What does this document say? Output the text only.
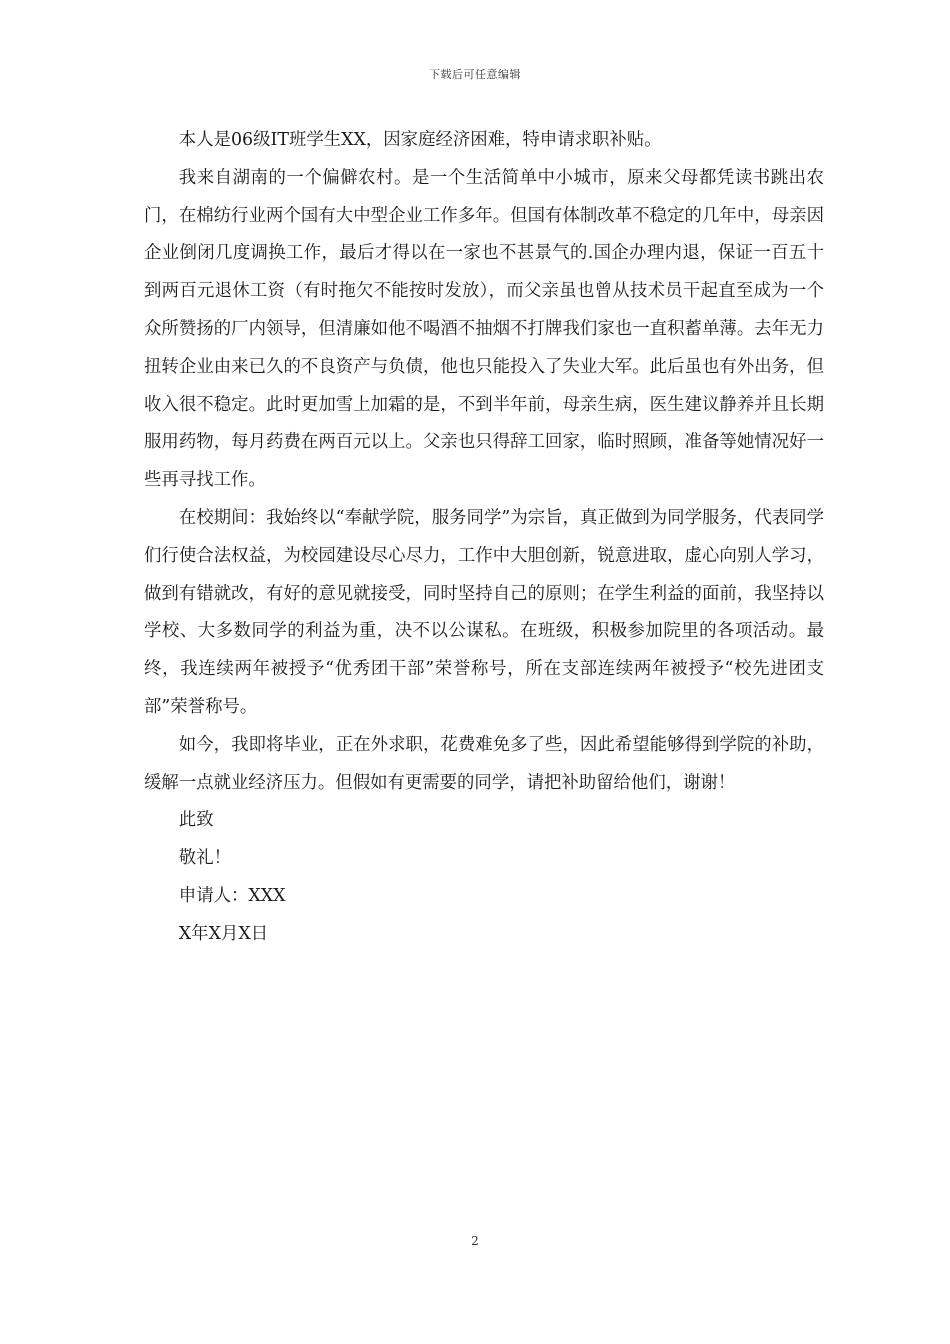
下载后可任意编辑

本人是06级IT班学生XX，因家庭经济困难，特申请求职补贴。

我来自湖南的一个偏僻农村。是一个生活简单中小城市，原来父母都凭读书跳出农门，在棉纺行业两个国有大中型企业工作多年。但国有体制改革不稳定的几年中，母亲因企业倒闭几度调换工作，最后才得以在一家也不甚景气的.国企办理内退，保证一百五十到两百元退休工资（有时拖欠不能按时发放），而父亲虽也曾从技术员干起直至成为一个众所赞扬的厂内领导，但清廉如他不喝酒不抽烟不打牌我们家也一直积蓄单薄。去年无力扭转企业由来已久的不良资产与负债，他也只能投入了失业大军。此后虽也有外出务，但收入很不稳定。此时更加雪上加霜的是，不到半年前，母亲生病，医生建议静养并且长期服用药物，每月药费在两百元以上。父亲也只得辞工回家，临时照顾，准备等她情况好一些再寻找工作。

在校期间：我始终以“奉献学院，服务同学”为宗旨，真正做到为同学服务，代表同学们行使合法权益，为校园建设尽心尽力，工作中大胆创新，锐意进取，虚心向别人学习，做到有错就改，有好的意见就接受，同时坚持自己的原则；在学生利益的面前，我坚持以学校、大多数同学的利益为重，决不以公谋私。在班级，积极参加院里的各项活动。最终，我连续两年被授予“优秀团干部”荣誉称号，所在支部连续两年被授予“校先进团支部”荣誉称号。

如今，我即将毕业，正在外求职，花费难免多了些，因此希望能够得到学院的补助，缓解一点就业经济压力。但假如有更需要的同学，请把补助留给他们，谢谢！

此致

敬礼！

申请人：XXX

X年X月X日

2
